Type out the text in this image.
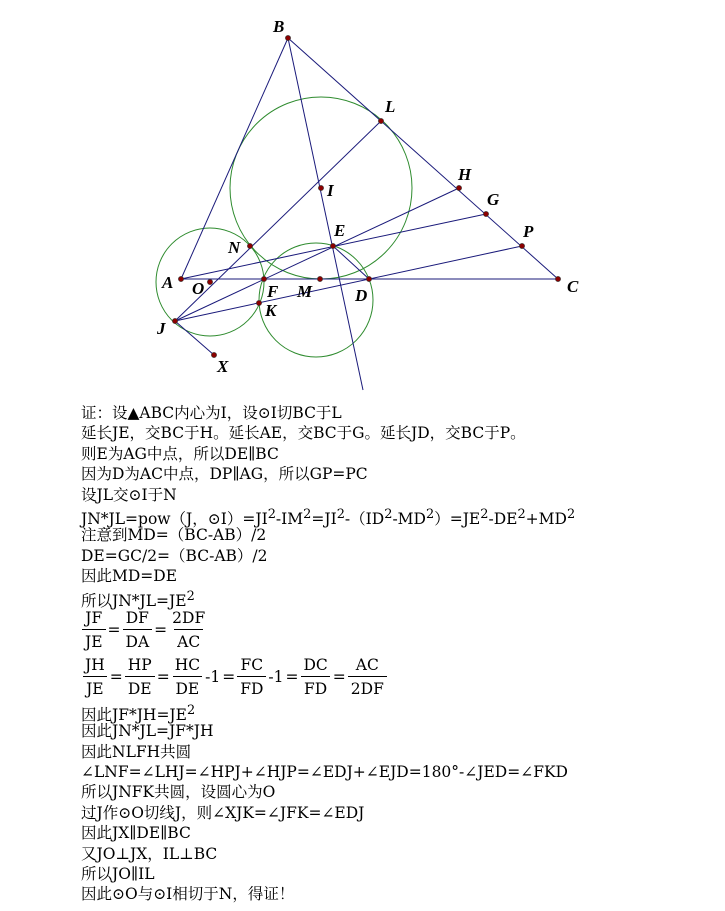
B
L
H
G
I
E	P
N
A O	F M	D	C
K
J
X
证：设▲ABC内心为I，设⊙I切BC于L
延长JE，交BC于H。延长AE，交BC于G。延长JD，交BC于P。
则E为AG中点，所以DE∥BC
因为D为AC中点，DP∥AG，所以GP=PC
设JL交⊙I于N
JN*JL=pow（J，$⊙I)=JI^2-IM^2=JI^2-(ID^2-MD^2)=JE^2-DE^2+MD^2$
注意到MD=（BC-AB）/2
DE=GC/2=（BC-AB）/2
因此MD=DE
所以$JN*JL=JE^2$
$\frac{JF}{JE} = \frac{DF}{DA} = \frac{2DF}{AC}$
$\frac{JH}{JE} = \frac{HP}{DE} = \frac{HC}{DE} -1 = \frac{FC}{FD} -1 = \frac{DC}{FD} = \frac{AC}{2DF}$
因此$JF*JH=JE^2$
因此JN*JL=JF*JH
因此NLFH共圆
∠LNF=∠LHJ=∠HPJ+∠HJP=∠EDJ+∠EJD=180°-∠JED=∠FKD
所以JNFK共圆，设圆心为O
过J作⊙O切线J，则∠XJK=∠JFK=∠EDJ
因此JX∥DE∥BC
又JO⊥JX，IL⊥BC
所以JO∥IL
因此⊙O与⊙I相切于N，得证！
